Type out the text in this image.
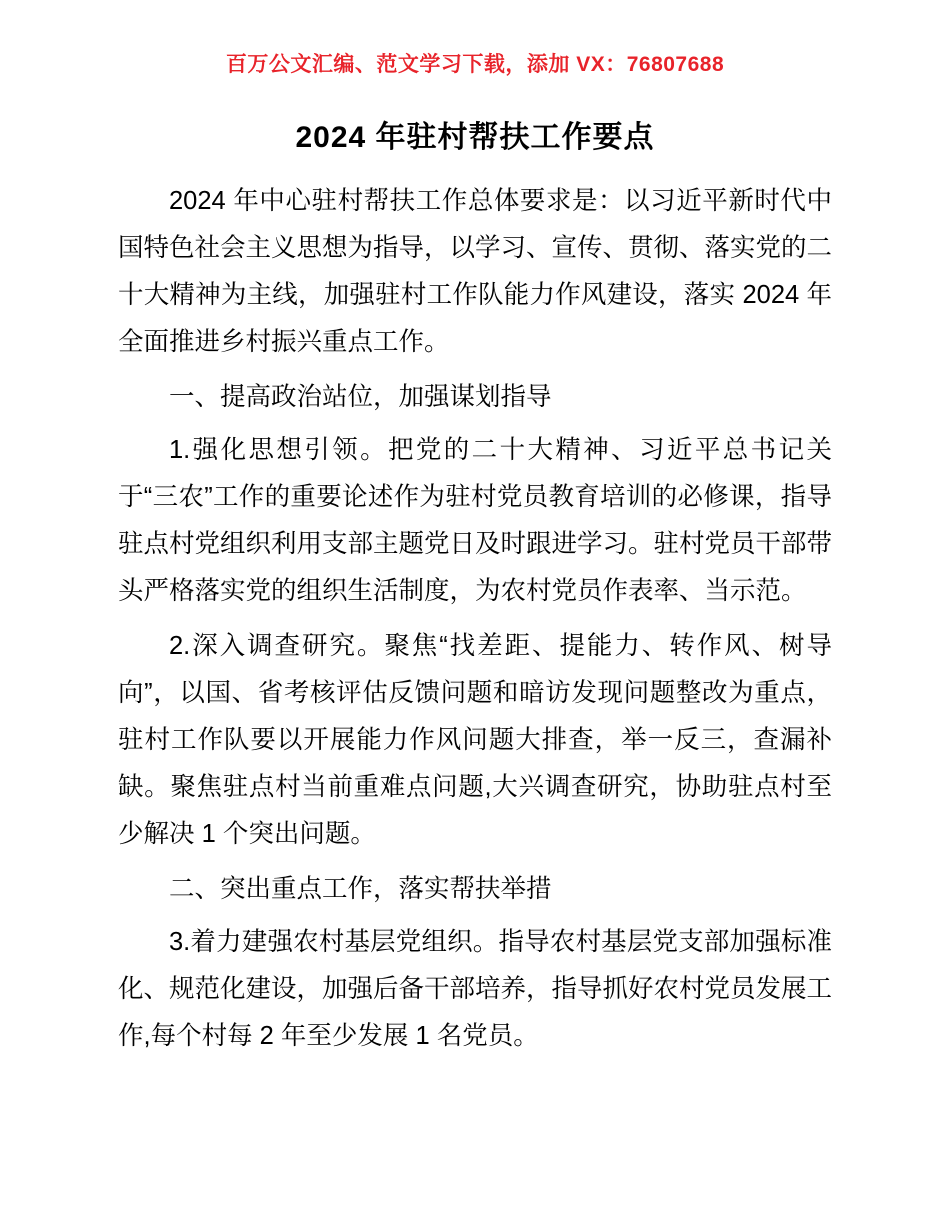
百万公文汇编、范文学习下载，添加 VX：76807688
2024 年驻村帮扶工作要点

2024 年中心驻村帮扶工作总体要求是：以习近平新时代中国特色社会主义思想为指导，以学习、宣传、贯彻、落实党的二十大精神为主线，加强驻村工作队能力作风建设，落实 2024 年全面推进乡村振兴重点工作。

一、提高政治站位，加强谋划指导

1.强化思想引领。把党的二十大精神、习近平总书记关于“三农”工作的重要论述作为驻村党员教育培训的必修课，指导驻点村党组织利用支部主题党日及时跟进学习。驻村党员干部带头严格落实党的组织生活制度，为农村党员作表率、当示范。

2.深入调查研究。聚焦“找差距、提能力、转作风、树导向”，以国、省考核评估反馈问题和暗访发现问题整改为重点，驻村工作队要以开展能力作风问题大排查，举一反三，查漏补缺。聚焦驻点村当前重难点问题,大兴调查研究，协助驻点村至少解决 1 个突出问题。

二、突出重点工作，落实帮扶举措

3.着力建强农村基层党组织。指导农村基层党支部加强标准化、规范化建设，加强后备干部培养，指导抓好农村党员发展工作,每个村每 2 年至少发展 1 名党员。
